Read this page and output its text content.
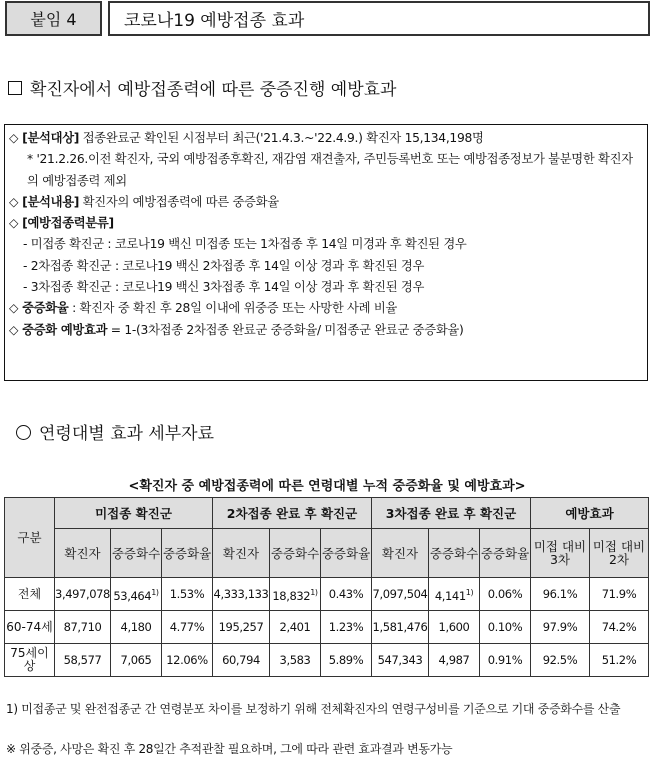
붙임 4	코로나19 예방접종 효과
확진자에서 예방접종력에 따른 중증진행 예방효과
◇ [분석대상] 접종완료군 확인된 시점부터 최근('21.4.3.~'22.4.9.) 확진자 15,134,198명
* '21.2.26.이전 확진자, 국외 예방접종후확진, 재감염 재견출자, 주민등록번호 또는 예방접종정보가 불분명한 확진자의 예방접종력 제외
◇ [분석내용] 확진자의 예방접종력에 따른 중증화율
◇ [예방접종력분류]
- 미접종 확진군 : 코로나19 백신 미접종 또는 1차접종 후 14일 미경과 후 확진된 경우
- 2차접종 확진군 : 코로나19 백신 2차접종 후 14일 이상 경과 후 확진된 경우
- 3차접종 확진군 : 코로나19 백신 3차접종 후 14일 이상 경과 후 확진된 경우
◇ 중증화율 : 확진자 중 확진 후 28일 이내에 위중증 또는 사망한 사례 비율
◇ 중증화 예방효과 = 1-(3차접종 2차접종 완료군 중증화율/ 미접종군 완료군 중증화율)
연령대별 효과 세부자료
<확진자 중 예방접종력에 따른 연령대별 누적 중증화율 및 예방효과>
구분	미접종 확진군			2차접종 완료 후 확진군			3차접종 완료 후 확진군			예방효과	
	확진자	중증화수	중증화율	확진자	중증화수	중증화율	확진자	중증화수	중증화율	미접 대비 3차	미접 대비 2차
전체	3,497,078	53,464$^{1)}$	1.53%	4,333,133	18,832$^{1)}$	0.43%	7,097,504	4,141$^{1)}$	0.06%	96.1%	71.9%
60-74세	87,710	4,180	4.77%	195,257	2,401	1.23%	1,581,476	1,600	0.10%	97.9%	74.2%
75세이상	58,577	7,065	12.06%	60,794	3,583	5.89%	547,343	4,987	0.91%	92.5%	51.2%
1) 미접종군 및 완전접종군 간 연령분포 차이를 보정하기 위해 전체확진자의 연령구성비를 기준으로 기대 중증화수를 산출
※ 위중증, 사망은 확진 후 28일간 추적관찰 필요하며, 그에 따라 관련 효과결과 변동가능
